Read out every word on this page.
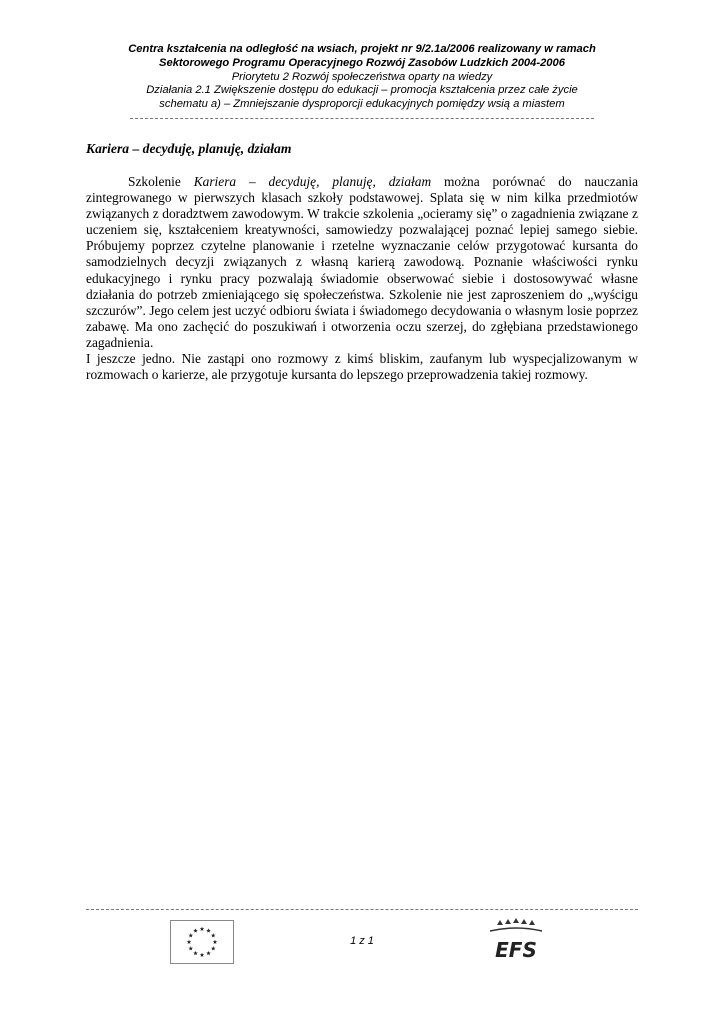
Centra kształcenia na odległość na wsiach, projekt nr 9/2.1a/2006 realizowany w ramach
Sektorowego Programu Operacyjnego Rozwój Zasobów Ludzkich 2004-2006
Priorytetu 2 Rozwój społeczeństwa oparty na wiedzy
Działania 2.1 Zwiększenie dostępu do edukacji – promocja kształcenia przez całe życie
schematu a) – Zmniejszanie dysproporcji edukacyjnych pomiędzy wsią a miastem
Kariera – decyduję, planuję, działam

Szkolenie Kariera – decyduję, planuję, działam można porównać do nauczania zintegrowanego w pierwszych klasach szkoły podstawowej. Splata się w nim kilka przedmiotów związanych z doradztwem zawodowym. W trakcie szkolenia „ocieramy się” o zagadnienia związane z uczeniem się, kształceniem kreatywności, samowiedzy pozwalającej poznać lepiej samego siebie. Próbujemy poprzez czytelne planowanie i rzetelne wyznaczanie celów przygotować kursanta do samodzielnych decyzji związanych z własną karierą zawodową. Poznanie właściwości rynku edukacyjnego i rynku pracy pozwalają świadomie obserwować siebie i dostosowywać własne działania do potrzeb zmieniającego się społeczeństwa. Szkolenie nie jest zaproszeniem do „wyścigu szczurów”. Jego celem jest uczyć odbioru świata i świadomego decydowania o własnym losie poprzez zabawę. Ma ono zachęcić do poszukiwań i otworzenia oczu szerzej, do zgłębiana przedstawionego zagadnienia.

I jeszcze jedno. Nie zastąpi ono rozmowy z kimś bliskim, zaufanym lub wyspecjalizowanym w rozmowach o karierze, ale przygotuje kursanta do lepszego przeprowadzenia takiej rozmowy.

1 z 1	EFS
